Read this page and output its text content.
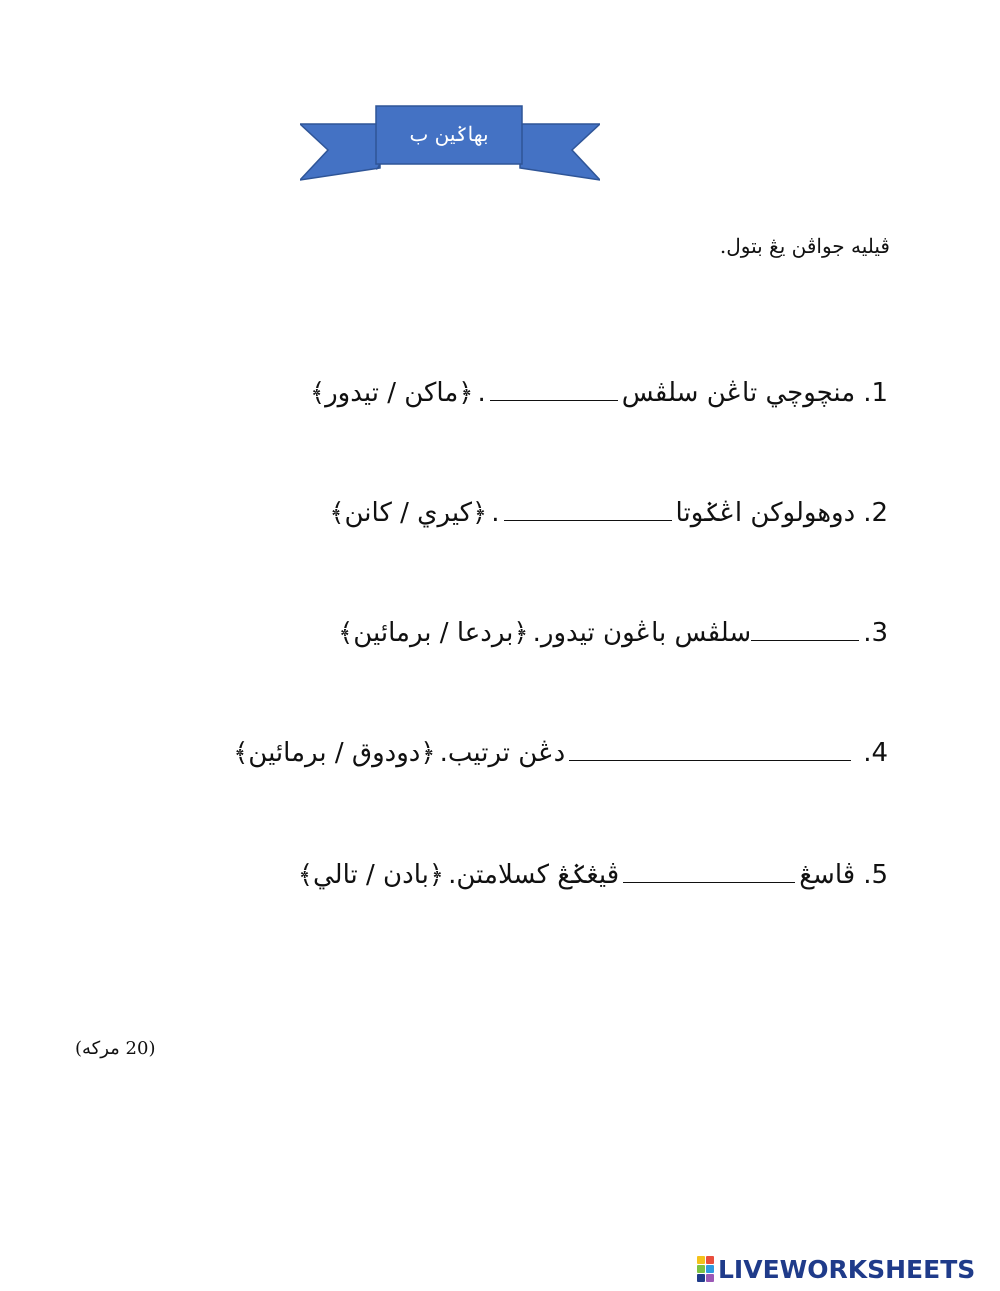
بهاݢين ب
ڤيليه جواڤن يڠ بتول.
1.
منچوچي تاڠن سلڤس
.
﴿ماکن / تيدور﴾
2.
دوهولوکن اڠݢوتا
.
﴿کيري / کانن﴾
3.
سلڤس باڠون تيدور.
﴿بردعا / برمائين﴾
4.
دڠن ترتيب.
﴿دودوق / برمائين﴾
5.
ڤاسڠ
ڤيڠݢڠ کسلامتن.
﴿بادن / تالي﴾
(20 مرکه)
LIVEWORKSHEETS
